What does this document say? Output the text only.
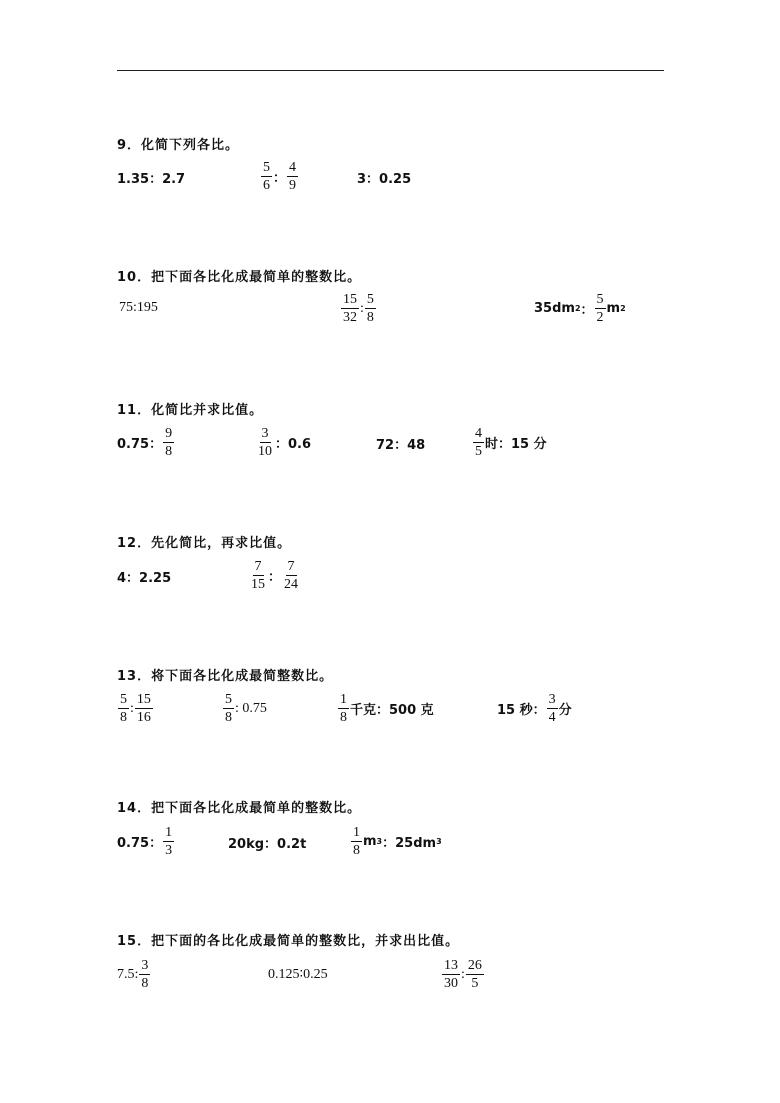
9．化简下列各比。
1.35：2.7	$\frac{5}{6}$ ： $\frac{4}{9}$	3：0.25
10．把下面各比化成最简单的整数比。
75:195	$\frac{15}{32}$ : $\frac{5}{8}$	35dm 2 ： $\frac{5}{2}$ m 2
11．化简比并求比值。
0.75： $\frac{9}{8}$	$\frac{3}{10}$ ：0.6	72：48	$\frac{4}{5}$ 时：15 分
12．先化简比，再求比值。
4：2.25	$\frac{7}{15}$ ： $\frac{7}{24}$
13．将下面各比化成最简整数比。
$\frac{5}{8}$ : $\frac{15}{16}$	$\frac{5}{8}$ : 0.75	$\frac{1}{8}$ 千克：500 克	15 秒： $\frac{3}{4}$ 分
14．把下面各比化成最简单的整数比。
0.75： $\frac{1}{3}$	20kg：0.2t	$\frac{1}{8}$ m 3 ：25dm 3
15．把下面的各比化成最简单的整数比，并求出比值。
7.5: $\frac{3}{8}$	0.125∶0.25	$\frac{13}{30}$ : $\frac{26}{5}$
